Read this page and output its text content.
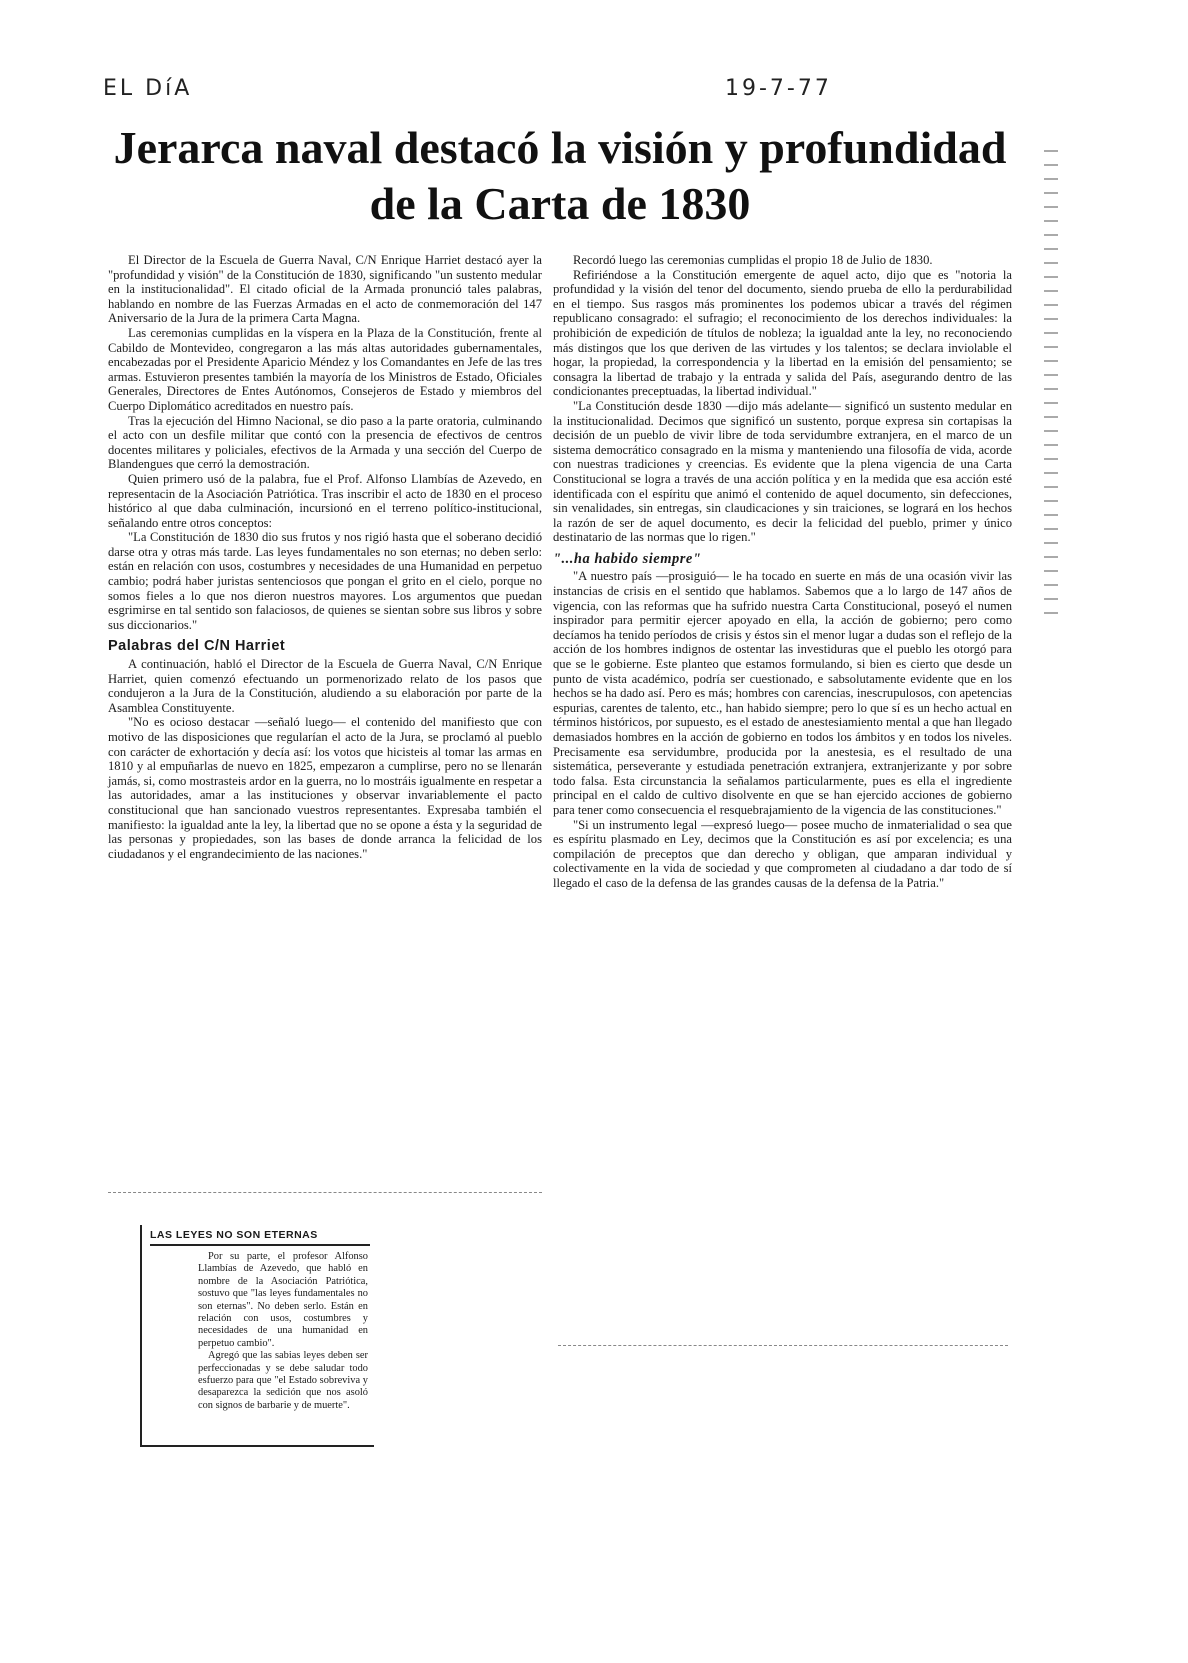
EL DíA	19-7-77
Jerarca naval destacó la visión y profundidad de la Carta de 1830

El Director de la Escuela de Guerra Naval, C/N Enrique Harriet destacó ayer la "profundidad y visión" de la Constitución de 1830, significando "un sustento medular en la institucionalidad". El citado oficial de la Armada pronunció tales palabras, hablando en nombre de las Fuerzas Armadas en el acto de conmemoración del 147 Aniversario de la Jura de la primera Carta Magna.

Las ceremonias cumplidas en la víspera en la Plaza de la Constitución, frente al Cabildo de Montevideo, congregaron a las más altas autoridades gubernamentales, encabezadas por el Presidente Aparicio Méndez y los Comandantes en Jefe de las tres armas. Estuvieron presentes también la mayoría de los Ministros de Estado, Oficiales Generales, Directores de Entes Autónomos, Consejeros de Estado y miembros del Cuerpo Diplomático acreditados en nuestro país.

Tras la ejecución del Himno Nacional, se dio paso a la parte oratoria, culminando el acto con un desfile militar que contó con la presencia de efectivos de centros docentes militares y policiales, efectivos de la Armada y una sección del Cuerpo de Blandengues que cerró la demostración.

Quien primero usó de la palabra, fue el Prof. Alfonso Llambías de Azevedo, en representacin de la Asociación Patriótica. Tras inscribir el acto de 1830 en el proceso histórico al que daba culminación, incursionó en el terreno político-institucional, señalando entre otros conceptos:

"La Constitución de 1830 dio sus frutos y nos rigió hasta que el soberano decidió darse otra y otras más tarde. Las leyes fundamentales no son eternas; no deben serlo: están en relación con usos, costumbres y necesidades de una Humanidad en perpetuo cambio; podrá haber juristas sentenciosos que pongan el grito en el cielo, porque no somos fieles a lo que nos dieron nuestros mayores. Los argumentos que puedan esgrimirse en tal sentido son falaciosos, de quienes se sientan sobre sus libros y sobre sus diccionarios."

Palabras del C/N Harriet

A continuación, habló el Director de la Escuela de Guerra Naval, C/N Enrique Harriet, quien comenzó efectuando un pormenorizado relato de los pasos que condujeron a la Jura de la Constitución, aludiendo a su elaboración por parte de la Asamblea Constituyente.

"No es ocioso destacar —señaló luego— el contenido del manifiesto que con motivo de las disposiciones que regularían el acto de la Jura, se proclamó al pueblo con carácter de exhortación y decía así: los votos que hicisteis al tomar las armas en 1810 y al empuñarlas de nuevo en 1825, empezaron a cumplirse, pero no se llenarán jamás, si, como mostrasteis ardor en la guerra, no lo mostráis igualmente en respetar a las autoridades, amar a las instituciones y observar invariablemente el pacto constitucional que han sancionado vuestros representantes. Expresaba también el manifiesto: la igualdad ante la ley, la libertad que no se opone a ésta y la seguridad de las personas y propiedades, son las bases de donde arranca la felicidad de los ciudadanos y el engrandecimiento de las naciones."

LAS LEYES NO SON ETERNAS

Por su parte, el profesor Alfonso Llambías de Azevedo, que habló en nombre de la Asociación Patriótica, sostuvo que "las leyes fundamentales no son eternas". No deben serlo. Están en relación con usos, costumbres y necesidades de una humanidad en perpetuo cambio".

Agregó que las sabias leyes deben ser perfeccionadas y se debe saludar todo esfuerzo para que "el Estado sobreviva y desaparezca la sedición que nos asoló con signos de barbarie y de muerte".

Recordó luego las ceremonias cumplidas el propio 18 de Julio de 1830.

Refiriéndose a la Constitución emergente de aquel acto, dijo que es "notoria la profundidad y la visión del tenor del documento, siendo prueba de ello la perdurabilidad en el tiempo. Sus rasgos más prominentes los podemos ubicar a través del régimen republicano consagrado: el sufragio; el reconocimiento de los derechos individuales: la prohibición de expedición de títulos de nobleza; la igualdad ante la ley, no reconociendo más distingos que los que deriven de las virtudes y los talentos; se declara inviolable el hogar, la propiedad, la correspondencia y la libertad en la emisión del pensamiento; se consagra la libertad de trabajo y la entrada y salida del País, asegurando dentro de las condicionantes preceptuadas, la libertad individual."

"La Constitución desde 1830 —dijo más adelante— significó un sustento medular en la institucionalidad. Decimos que significó un sustento, porque expresa sin cortapisas la decisión de un pueblo de vivir libre de toda servidumbre extranjera, en el marco de un sistema democrático consagrado en la misma y manteniendo una filosofía de vida, acorde con nuestras tradiciones y creencias. Es evidente que la plena vigencia de una Carta Constitucional se logra a través de una acción política y en la medida que esa acción esté identificada con el espíritu que animó el contenido de aquel documento, sin defecciones, sin venalidades, sin entregas, sin claudicaciones y sin traiciones, se logrará en los hechos la razón de ser de aquel documento, es decir la felicidad del pueblo, primer y único destinatario de las normas que lo rigen."

"...ha habido siempre"

"A nuestro país —prosiguió— le ha tocado en suerte en más de una ocasión vivir las instancias de crisis en el sentido que hablamos. Sabemos que a lo largo de 147 años de vigencia, con las reformas que ha sufrido nuestra Carta Constitucional, poseyó el numen inspirador para permitir ejercer apoyado en ella, la acción de gobierno; pero como decíamos ha tenido períodos de crisis y éstos sin el menor lugar a dudas son el reflejo de la acción de los hombres indignos de ostentar las investiduras que el pueblo les otorgó para que se le gobierne. Este planteo que estamos formulando, si bien es cierto que desde un punto de vista académico, podría ser cuestionado, e sabsolutamente evidente que en los hechos se ha dado así. Pero es más; hombres con carencias, inescrupulosos, con apetencias espurias, carentes de talento, etc., han habido siempre; pero lo que sí es un hecho actual en términos históricos, por supuesto, es el estado de anestesiamiento mental a que han llegado demasiados hombres en la acción de gobierno en todos los ámbitos y en todos los niveles. Precisamente esa servidumbre, producida por la anestesia, es el resultado de una sistemática, perseverante y estudiada penetración extranjera, extranjerizante y por sobre todo falsa. Esta circunstancia la señalamos particularmente, pues es ella el ingrediente principal en el caldo de cultivo disolvente en que se han ejercido acciones de gobierno para tener como consecuencia el resquebrajamiento de la vigencia de las constituciones."

"Si un instrumento legal —expresó luego— posee mucho de inmaterialidad o sea que es espíritu plasmado en Ley, decimos que la Constitución es así por excelencia; es una compilación de preceptos que dan derecho y obligan, que amparan individual y colectivamente en la vida de sociedad y que comprometen al ciudadano a dar todo de sí llegado el caso de la defensa de las grandes causas de la defensa de la Patria."
